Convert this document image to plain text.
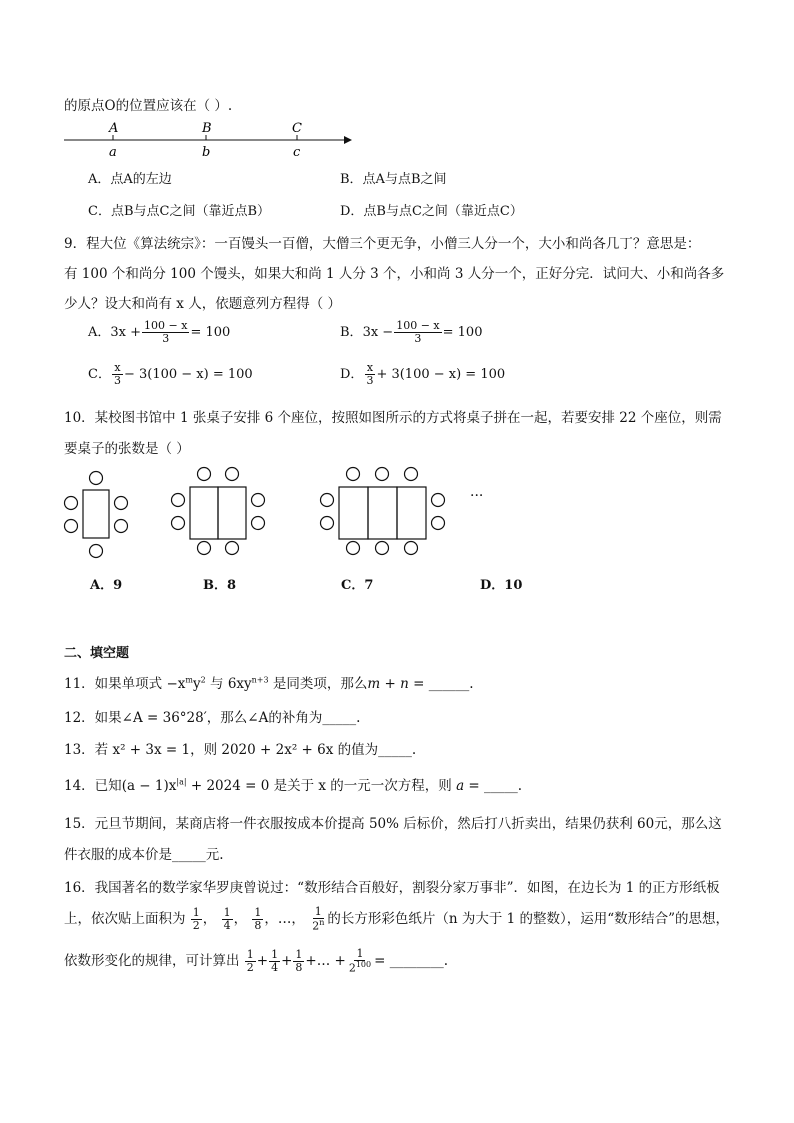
的原点O的位置应该在（ ）.
A	B	C
a	b	c
A．点A的左边	B．点A与点B之间
C．点B与点C之间（靠近点B）	D．点B与点C之间（靠近点C）
9．程大位《算法统宗》：一百馒头一百僧，大僧三个更无争，小僧三人分一个，大小和尚各几丁？意思是：
有 100 个和尚分 100 个馒头，如果大和尚 1 人分 3 个，小和尚 3 人分一个，正好分完．试问大、小和尚各多
少人？设大和尚有 x 人，依题意列方程得（ ）
A．$3x + \frac{100 - x}{3} = 100$	B．$3x - \frac{100 - x}{3} = 100$
C． $\frac{x}{3} - 3(100 - x) = 100$	D． $\frac{x}{3} + 3(100 - x) = 100$
10．某校图书馆中 1 张桌子安排 6 个座位，按照如图所示的方式将桌子拼在一起，若要安排 22 个座位，则需
要桌子的张数是（ ）
···
A．9	B．8	C．7	D．10
二、填空题
11．如果单项式 $-x^my^2$ 与 $6xy^{n+3}$ 是同类项，那么m + n = ______.
12．如果∠A = 36°28′，那么∠A的补角为_____.
13．若 x² + 3x = 1，则 2020 + 2x² + 6x 的值为_____.
14．已知$(a - 1)x^{|a|} + 2024 = 0$ 是关于 x 的一元一次方程，则 a = _____.
15．元旦节期间，某商店将一件衣服按成本价提高 50% 后标价，然后打八折卖出，结果仍获利 60元，那么这
件衣服的成本价是_____元.
16．我国著名的数学家华罗庚曾说过：“数形结合百般好，割裂分家万事非”．如图，在边长为 1 的正方形纸板
上，依次贴上面积为 $\frac{1}{2}$ ， $\frac{1}{4}$ ， $\frac{1}{8}$ ，…， $\frac{1}{2^n}$ 的长方形彩色纸片（n 为大于 1 的整数），运用“数形结合”的思想，
依数形变化的规律，可计算出 $\frac{1}{2} + \frac{1}{4} + \frac{1}{8}$ +… + $\frac{1}{2^{100}}$ = ________.
